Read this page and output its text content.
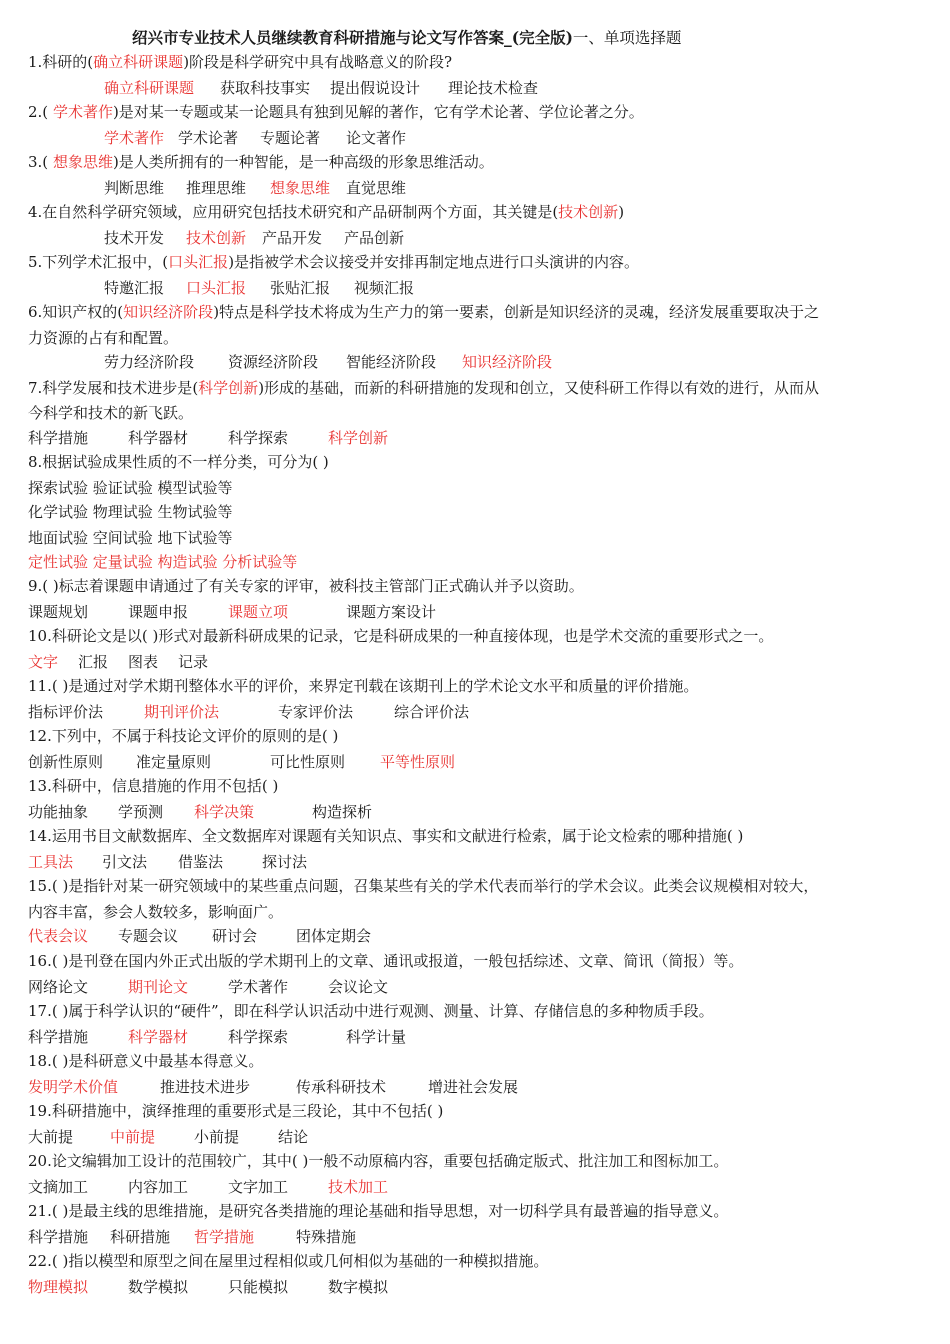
绍兴市专业技术人员继续教育科研措施与论文写作答案_(完全版)一、单项选择题
1.科研的(确立科研课题)阶段是科学研究中具有战略意义的阶段?
确立科研课题 获取科技事实 提出假说设计 理论技术检查
2.( 学术著作)是对某一专题或某一论题具有独到见解的著作，它有学术论著、学位论著之分。
学术著作 学术论著 专题论著 论文著作
3.( 想象思维)是人类所拥有的一种智能，是一种高级的形象思维活动。
判断思维 推理思维 想象思维 直觉思维
4.在自然科学研究领域，应用研究包括技术研究和产品研制两个方面，其关键是(技术创新)
技术开发 技术创新 产品开发 产品创新
5.下列学术汇报中，(口头汇报)是指被学术会议接受并安排再制定地点进行口头演讲的内容。
特邀汇报 口头汇报 张贴汇报 视频汇报
6.知识产权的(知识经济阶段)特点是科学技术将成为生产力的第一要素，创新是知识经济的灵魂，经济发展重要取决于之
力资源的占有和配置。
劳力经济阶段 资源经济阶段 智能经济阶段 知识经济阶段
7.科学发展和技术进步是(科学创新)形成的基础，而新的科研措施的发现和创立，又使科研工作得以有效的进行，从而从
今科学和技术的新飞跃。
科学措施	科学器材	科学探索	科学创新
8.根据试验成果性质的不一样分类，可分为( )
探索试验 验证试验 模型试验等
化学试验 物理试验 生物试验等
地面试验 空间试验 地下试验等
定性试验 定量试验 构造试验 分析试验等
9.( )标志着课题申请通过了有关专家的评审，被科技主管部门正式确认并予以资助。
课题规划	课题申报	课题立项	课题方案设计
10.科研论文是以( )形式对最新科研成果的记录，它是科研成果的一种直接体现，也是学术交流的重要形式之一。
文字 汇报 图表 记录
11.( )是通过对学术期刊整体水平的评价，来界定刊载在该期刊上的学术论文水平和质量的评价措施。
指标评价法	期刊评价法	专家评价法	综合评价法
12.下列中，不属于科技论文评价的原则的是( )
创新性原则 准定量原则	可比性原则 平等性原则
13.科研中，信息措施的作用不包括( )
功能抽象 学预测 科学决策	构造探析
14.运用书目文献数据库、全文数据库对课题有关知识点、事实和文献进行检索，属于论文检索的哪种措施( )
工具法 引文法 借鉴法	探讨法
15.( )是指针对某一研究领域中的某些重点问题，召集某些有关的学术代表而举行的学术会议。此类会议规模相对较大，
内容丰富，参会人数较多，影响面广。
代表会议 专题会议 研讨会	团体定期会
16.( )是刊登在国内外正式出版的学术期刊上的文章、通讯或报道，一般包括综述、文章、简讯（简报）等。
网络论文	期刊论文	学术著作	会议论文
17.( )属于科学认识的“硬件”，即在科学认识活动中进行观测、测量、计算、存储信息的多种物质手段。
科学措施	科学器材	科学探索	科学计量
18.( )是科研意义中最基本得意义。
发明学术价值	推进技术进步	传承科研技术	增进社会发展
19.科研措施中，演绎推理的重要形式是三段论，其中不包括( )
大前提 中前提	小前提	结论
20.论文编辑加工设计的范围较广，其中( )一般不动原稿内容，重要包括确定版式、批注加工和图标加工。
文摘加工	内容加工	文字加工	技术加工
21.( )是最主线的思维措施，是研究各类措施的理论基础和指导思想，对一切科学具有最普遍的指导意义。
科学措施 科研措施 哲学措施	特殊措施
22.( )指以模型和原型之间在屋里过程相似或几何相似为基础的一种模拟措施。
物理模拟	数学模拟	只能模拟	数字模拟
